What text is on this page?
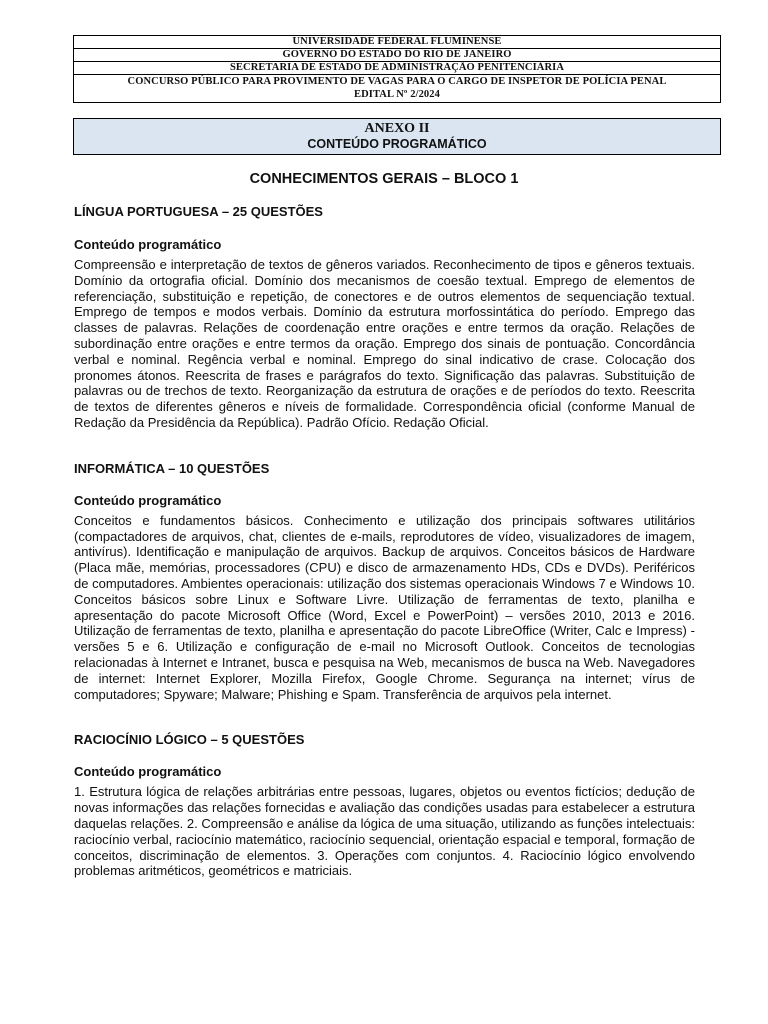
UNIVERSIDADE FEDERAL FLUMINENSE
GOVERNO DO ESTADO DO RIO DE JANEIRO
SECRETARIA DE ESTADO DE ADMINISTRAÇÃO PENITENCIÁRIA

CONCURSO PÚBLICO PARA PROVIMENTO DE VAGAS PARA O CARGO DE INSPETOR DE POLÍCIA PENAL
EDITAL Nº 2/2024
ANEXO II
CONTEÚDO PROGRAMÁTICO
CONHECIMENTOS GERAIS – BLOCO 1

LÍNGUA PORTUGUESA – 25 QUESTÕES

Conteúdo programático

Compreensão e interpretação de textos de gêneros variados. Reconhecimento de tipos e gêneros textuais. Domínio da ortografia oficial. Domínio dos mecanismos de coesão textual. Emprego de elementos de referenciação, substituição e repetição, de conectores e de outros elementos de sequenciação textual. Emprego de tempos e modos verbais. Domínio da estrutura morfossintática do período. Emprego das classes de palavras. Relações de coordenação entre orações e entre termos da oração. Relações de subordinação entre orações e entre termos da oração. Emprego dos sinais de pontuação. Concordância verbal e nominal. Regência verbal e nominal. Emprego do sinal indicativo de crase. Colocação dos pronomes átonos. Reescrita de frases e parágrafos do texto. Significação das palavras. Substituição de palavras ou de trechos de texto. Reorganização da estrutura de orações e de períodos do texto. Reescrita de textos de diferentes gêneros e níveis de formalidade. Correspondência oficial (conforme Manual de Redação da Presidência da República). Padrão Ofício. Redação Oficial.

INFORMÁTICA – 10 QUESTÕES

Conteúdo programático

Conceitos e fundamentos básicos. Conhecimento e utilização dos principais softwares utilitários (compactadores de arquivos, chat, clientes de e-mails, reprodutores de vídeo, visualizadores de imagem, antivírus). Identificação e manipulação de arquivos. Backup de arquivos. Conceitos básicos de Hardware (Placa mãe, memórias, processadores (CPU) e disco de armazenamento HDs, CDs e DVDs). Periféricos de computadores. Ambientes operacionais: utilização dos sistemas operacionais Windows 7 e Windows 10. Conceitos básicos sobre Linux e Software Livre. Utilização de ferramentas de texto, planilha e apresentação do pacote Microsoft Office (Word, Excel e PowerPoint) – versões 2010, 2013 e 2016. Utilização de ferramentas de texto, planilha e apresentação do pacote LibreOffice (Writer, Calc e Impress) - versões 5 e 6. Utilização e configuração de e-mail no Microsoft Outlook. Conceitos de tecnologias relacionadas à Internet e Intranet, busca e pesquisa na Web, mecanismos de busca na Web. Navegadores de internet: Internet Explorer, Mozilla Firefox, Google Chrome. Segurança na internet; vírus de computadores; Spyware; Malware; Phishing e Spam. Transferência de arquivos pela internet.

RACIOCÍNIO LÓGICO – 5 QUESTÕES

Conteúdo programático

1. Estrutura lógica de relações arbitrárias entre pessoas, lugares, objetos ou eventos fictícios; dedução de novas informações das relações fornecidas e avaliação das condições usadas para estabelecer a estrutura daquelas relações. 2. Compreensão e análise da lógica de uma situação, utilizando as funções intelectuais: raciocínio verbal, raciocínio matemático, raciocínio sequencial, orientação espacial e temporal, formação de conceitos, discriminação de elementos. 3. Operações com conjuntos. 4. Raciocínio lógico envolvendo problemas aritméticos, geométricos e matriciais.
